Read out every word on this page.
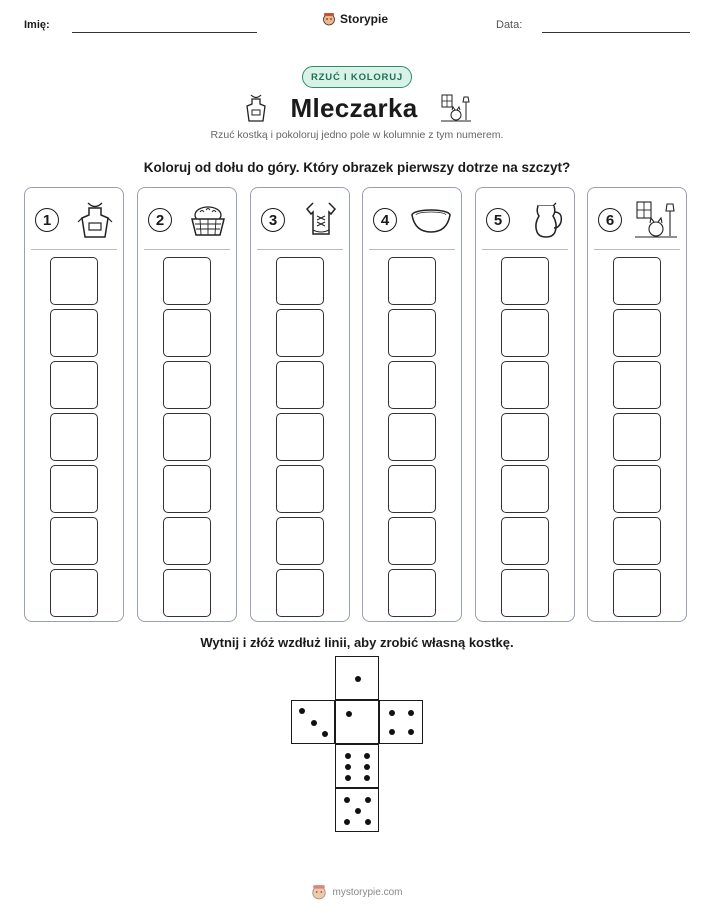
Imię:	Storypie	Data:
RZUĆ I KOLORUJ
Mleczarka
Rzuć kostką i pokoloruj jedno pole w kolumnie z tym numerem.
Koloruj od dołu do góry. Który obrazek pierwszy dotrze na szczyt?
1	2	3	4	5	6
Wytnij i złóż wzdłuż linii, aby zrobić własną kostkę.
mystorypie.com
